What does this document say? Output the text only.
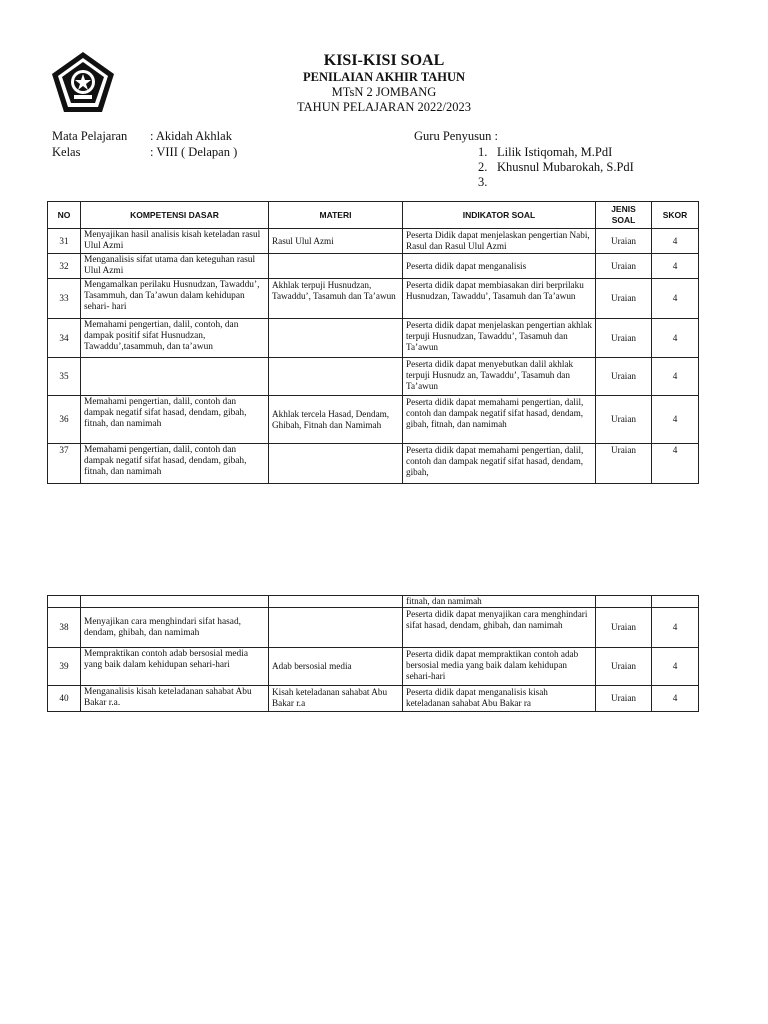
KISI-KISI SOAL
PENILAIAN AKHIR TAHUN
MTsN 2 JOMBANG
TAHUN PELAJARAN 2022/2023
Mata Pelajaran : Akidah Akhlak
Kelas	: VIII ( Delapan )
Guru Penyusun :
1. Lilik Istiqomah, M.PdI
2. Khusnul Mubarokah, S.PdI
3.
NO	KOMPETENSI DASAR	MATERI	INDIKATOR SOAL	JENIS SOAL	SKOR
31	Menyajikan hasil analisis kisah keteladan rasul Ulul Azmi	Rasul Ulul Azmi	Peserta Didik dapat menjelaskan pengertian Nabi, Rasul dan Rasul Ulul Azmi	Uraian	4
32	Menganalisis sifat utama dan keteguhan rasul Ulul Azmi		Peserta didik dapat menganalisis	Uraian	4
33	Mengamalkan perilaku Husnudzan, Tawaddu’, Tasammuh, dan Ta’awun dalam kehidupan sehari- hari	Akhlak terpuji Husnudzan, Tawaddu’, Tasamuh dan Ta’awun	Peserta didik dapat membiasakan diri berprilaku Husnudzan, Tawaddu’, Tasamuh dan Ta’awun	Uraian	4
34	Memahami pengertian, dalil, contoh, dan dampak positif sifat Husnudzan, Tawaddu’,tasammuh, dan ta’awun		Peserta didik dapat menjelaskan pengertian akhlak terpuji Husnudzan, Tawaddu’, Tasamuh dan Ta’awun	Uraian	4
35			Peserta didik dapat menyebutkan dalil akhlak terpuji Husnudz an, Tawaddu’, Tasamuh dan Ta’awun	Uraian	4
36	Memahami pengertian, dalil, contoh dan dampak negatif sifat hasad, dendam, gibah, fitnah, dan namimah	Akhlak tercela Hasad, Dendam, Ghibah, Fitnah dan Namimah	Peserta didik dapat memahami pengertian, dalil, contoh dan dampak negatif sifat hasad, dendam, gibah, fitnah, dan namimah	Uraian	4
37	Memahami pengertian, dalil, contoh dan dampak negatif sifat hasad, dendam, gibah, fitnah, dan namimah		Peserta didik dapat memahami pengertian, dalil, contoh dan dampak negatif sifat hasad, dendam, gibah,	Uraian	4
			fitnah, dan namimah		
38	Menyajikan cara menghindari sifat hasad, dendam, ghibah, dan namimah		Peserta didik dapat menyajikan cara menghindari sifat hasad, dendam, ghibah, dan namimah	Uraian	4
39	Mempraktikan contoh adab bersosial media yang baik dalam kehidupan sehari-hari	Adab bersosial media	Peserta didik dapat mempraktikan contoh adab bersosial media yang baik dalam kehidupan sehari-hari	Uraian	4
40	Menganalisis kisah keteladanan sahabat Abu Bakar r.a.	Kisah keteladanan sahabat Abu Bakar r.a	Peserta didik dapat menganalisis kisah keteladanan sahabat Abu Bakar ra	Uraian	4
